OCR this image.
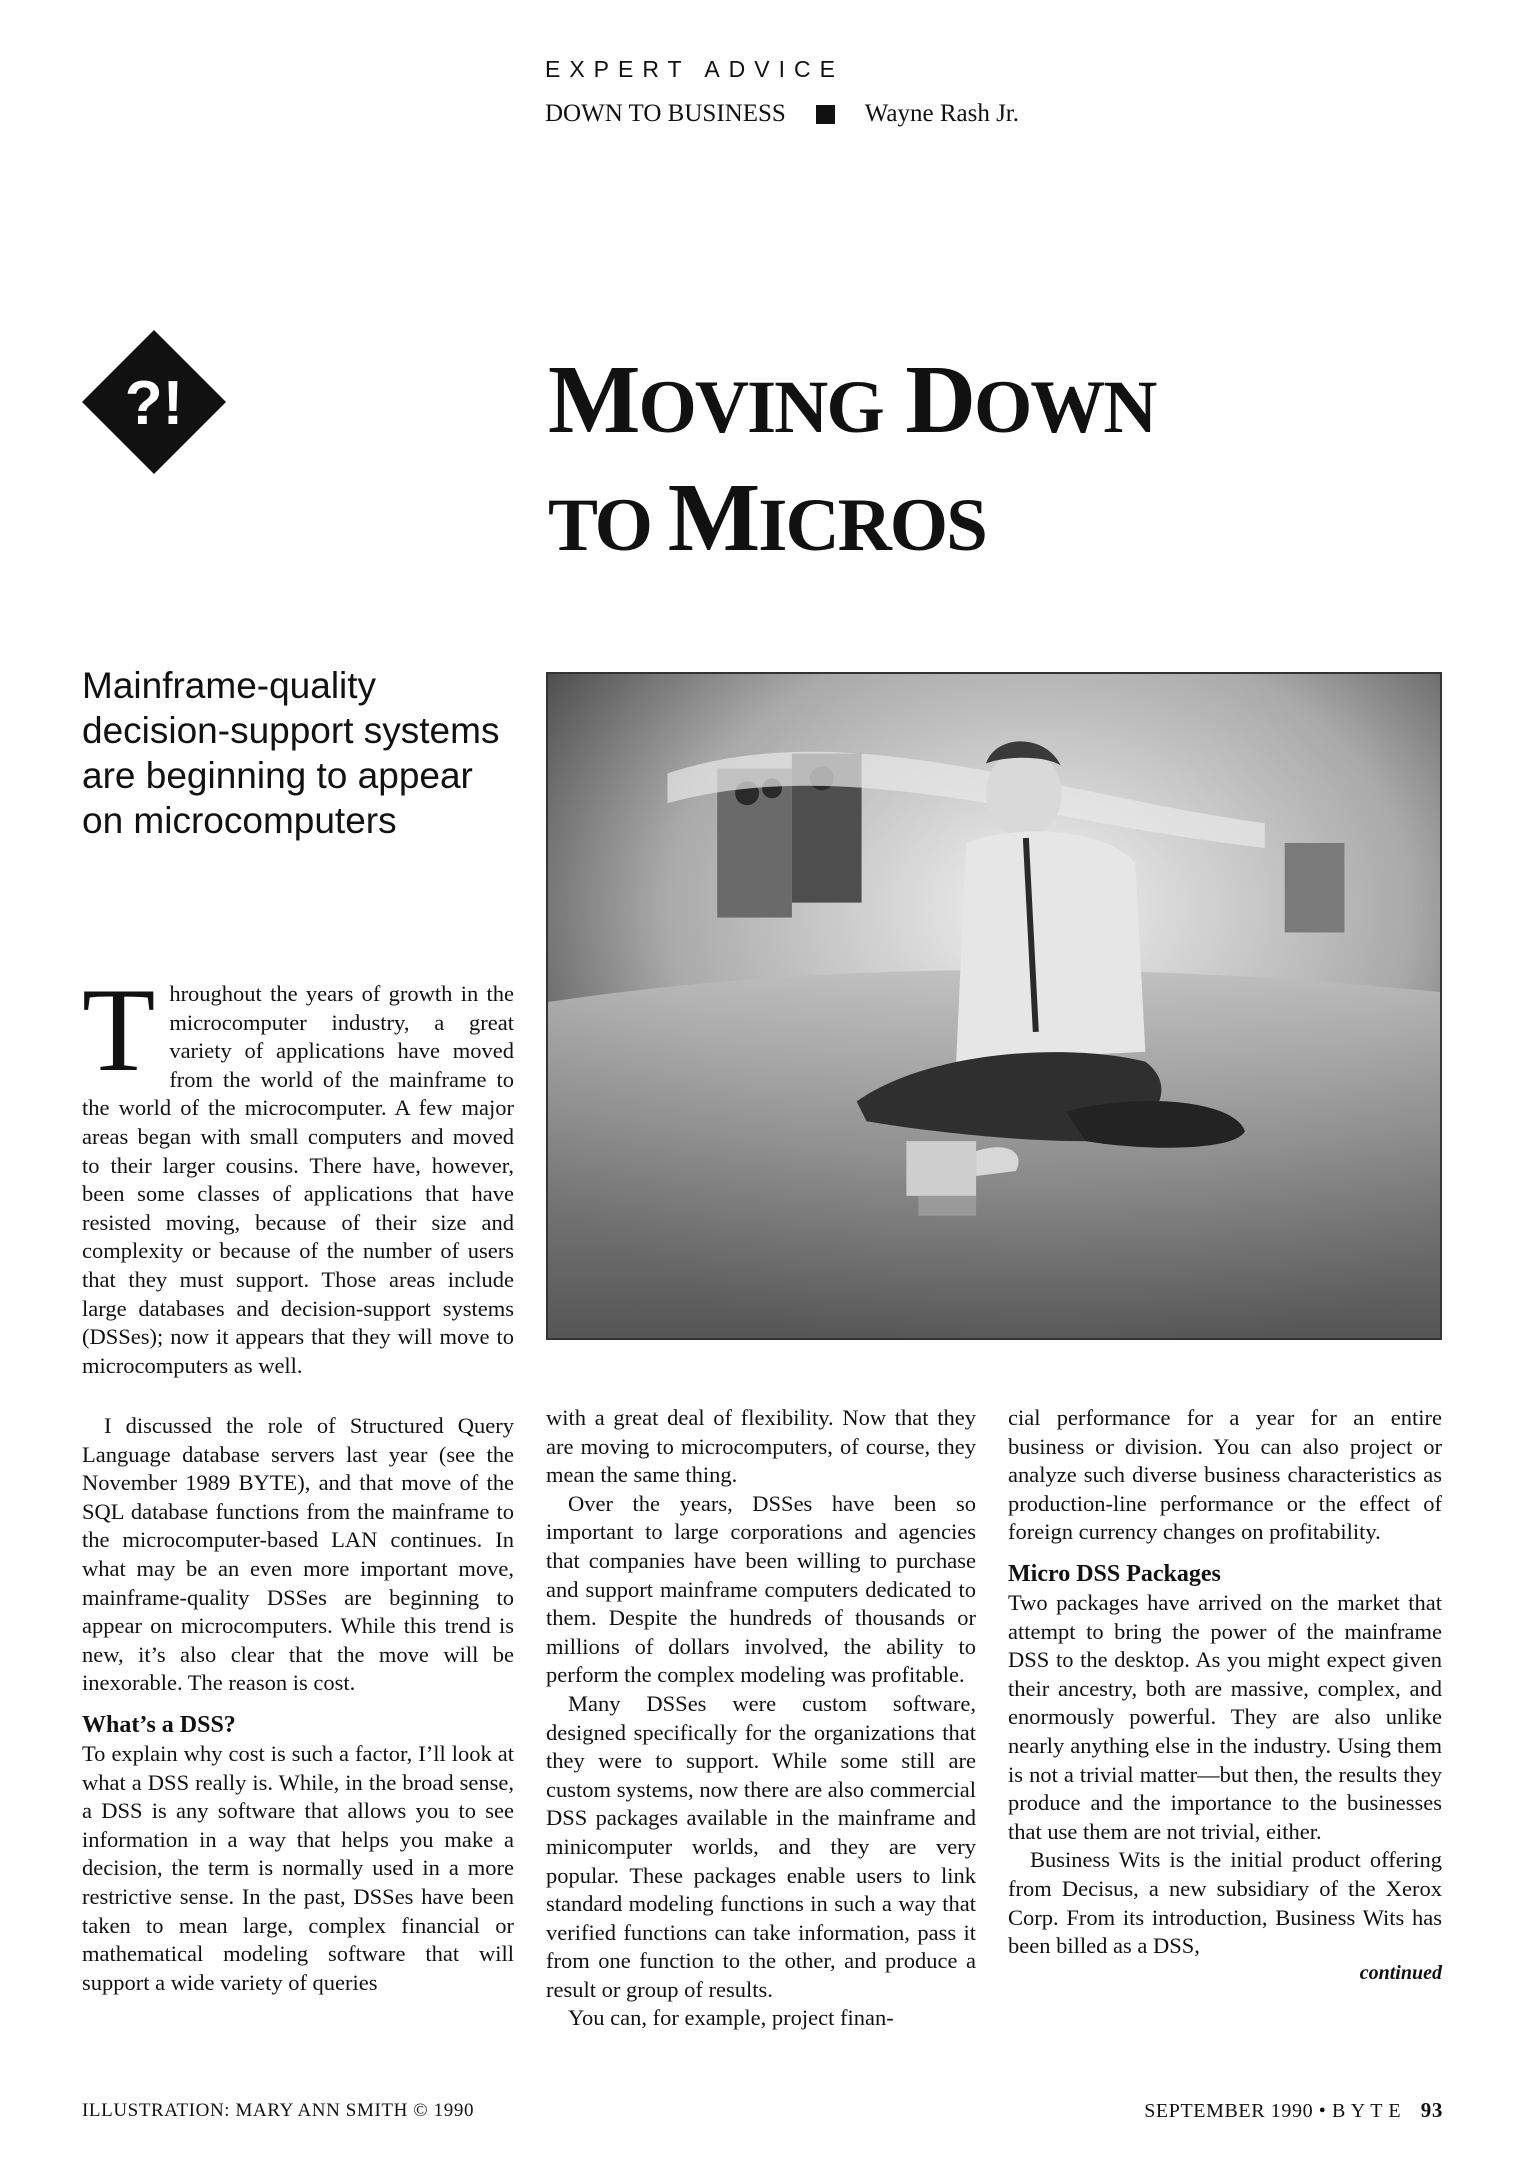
EXPERT ADVICE
DOWN TO BUSINESS	Wayne Rash Jr.
?!	MOVING DOWN
TO MICROS
Mainframe-quality decision-support systems are beginning to appear on microcomputers
T hroughout the years of growth in the microcomputer industry, a great variety of applications have moved from the world of the mainframe to the world of the microcomputer. A few major areas began with small computers and moved to their larger cousins. There have, however, been some classes of applications that have resisted moving, because of their size and complexity or because of the number of users that they must support. Those areas include large databases and decision-support systems (DSSes); now it appears that they will move to microcomputers as well.

I discussed the role of Structured Query Language database servers last year (see the November 1989 BYTE), and that move of the SQL database functions from the mainframe to the microcomputer-based LAN continues. In what may be an even more important move, mainframe-quality DSSes are beginning to appear on microcomputers. While this trend is new, it’s also clear that the move will be inexorable. The reason is cost.

What’s a DSS?

To explain why cost is such a factor, I’ll look at what a DSS really is. While, in the broad sense, a DSS is any software that allows you to see information in a way that helps you make a decision, the term is normally used in a more restrictive sense. In the past, DSSes have been taken to mean large, complex financial or mathematical modeling software that will support a wide variety of queries

with a great deal of flexibility. Now that they are moving to microcomputers, of course, they mean the same thing.

Over the years, DSSes have been so important to large corporations and agencies that companies have been willing to purchase and support mainframe computers dedicated to them. Despite the hundreds of thousands or millions of dollars involved, the ability to perform the complex modeling was profitable.

Many DSSes were custom software, designed specifically for the organizations that they were to support. While some still are custom systems, now there are also commercial DSS packages available in the mainframe and minicomputer worlds, and they are very popular. These packages enable users to link standard modeling functions in such a way that verified functions can take information, pass it from one function to the other, and produce a result or group of results.

You can, for example, project finan-

cial performance for a year for an entire business or division. You can also project or analyze such diverse business characteristics as production-line performance or the effect of foreign currency changes on profitability.

Micro DSS Packages

Two packages have arrived on the market that attempt to bring the power of the mainframe DSS to the desktop. As you might expect given their ancestry, both are massive, complex, and enormously powerful. They are also unlike nearly anything else in the industry. Using them is not a trivial matter—but then, the results they produce and the importance to the businesses that use them are not trivial, either.

Business Wits is the initial product offering from Decisus, a new subsidiary of the Xerox Corp. From its introduction, Business Wits has been billed as a DSS,

continued
ILLUSTRATION: MARY ANN SMITH © 1990	SEPTEMBER 1990 • B Y T E 93
